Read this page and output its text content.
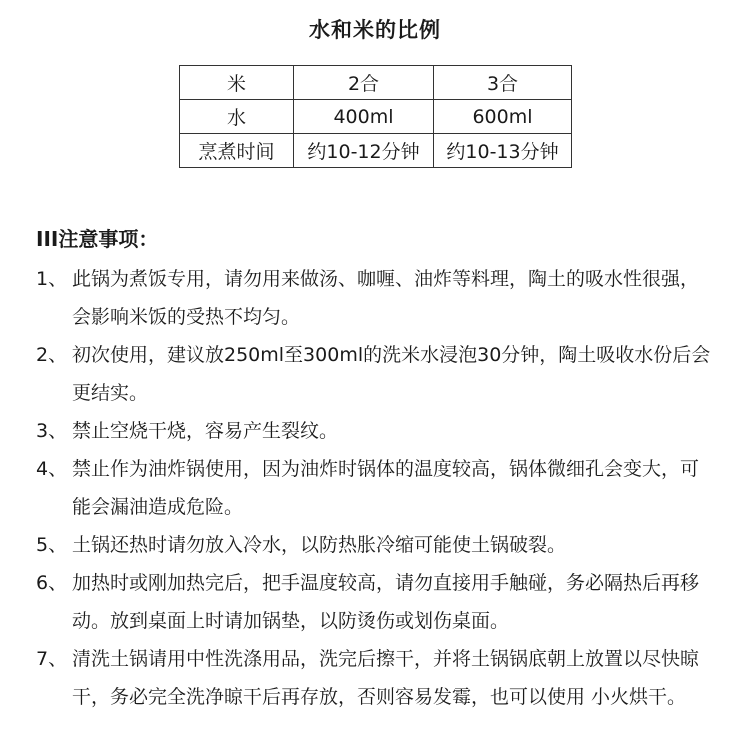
水和米的比例
米	2合	3合
水	400ml	600ml
烹煮时间	约10-12分钟	约10-13分钟
III注意事项：
1、 此锅为煮饭专用，请勿用来做汤、咖喱、油炸等料理，陶土的吸水性很强，会影响米饭的受热不均匀。
2、 初次使用，建议放250ml至300ml的洗米水浸泡30分钟，陶土吸收水份后会更结实。
3、 禁止空烧干烧，容易产生裂纹。
4、 禁止作为油炸锅使用，因为油炸时锅体的温度较高，锅体微细孔会变大，可能会漏油造成危险。
5、 土锅还热时请勿放入冷水，以防热胀冷缩可能使土锅破裂。
6、 加热时或刚加热完后，把手温度较高，请勿直接用手触碰，务必隔热后再移动。放到桌面上时请加锅垫，以防烫伤或划伤桌面。
7、 清洗土锅请用中性洗涤用品，洗完后擦干，并将土锅锅底朝上放置以尽快晾干，务必完全洗净晾干后再存放，否则容易发霉，也可以使用 小火烘干。
